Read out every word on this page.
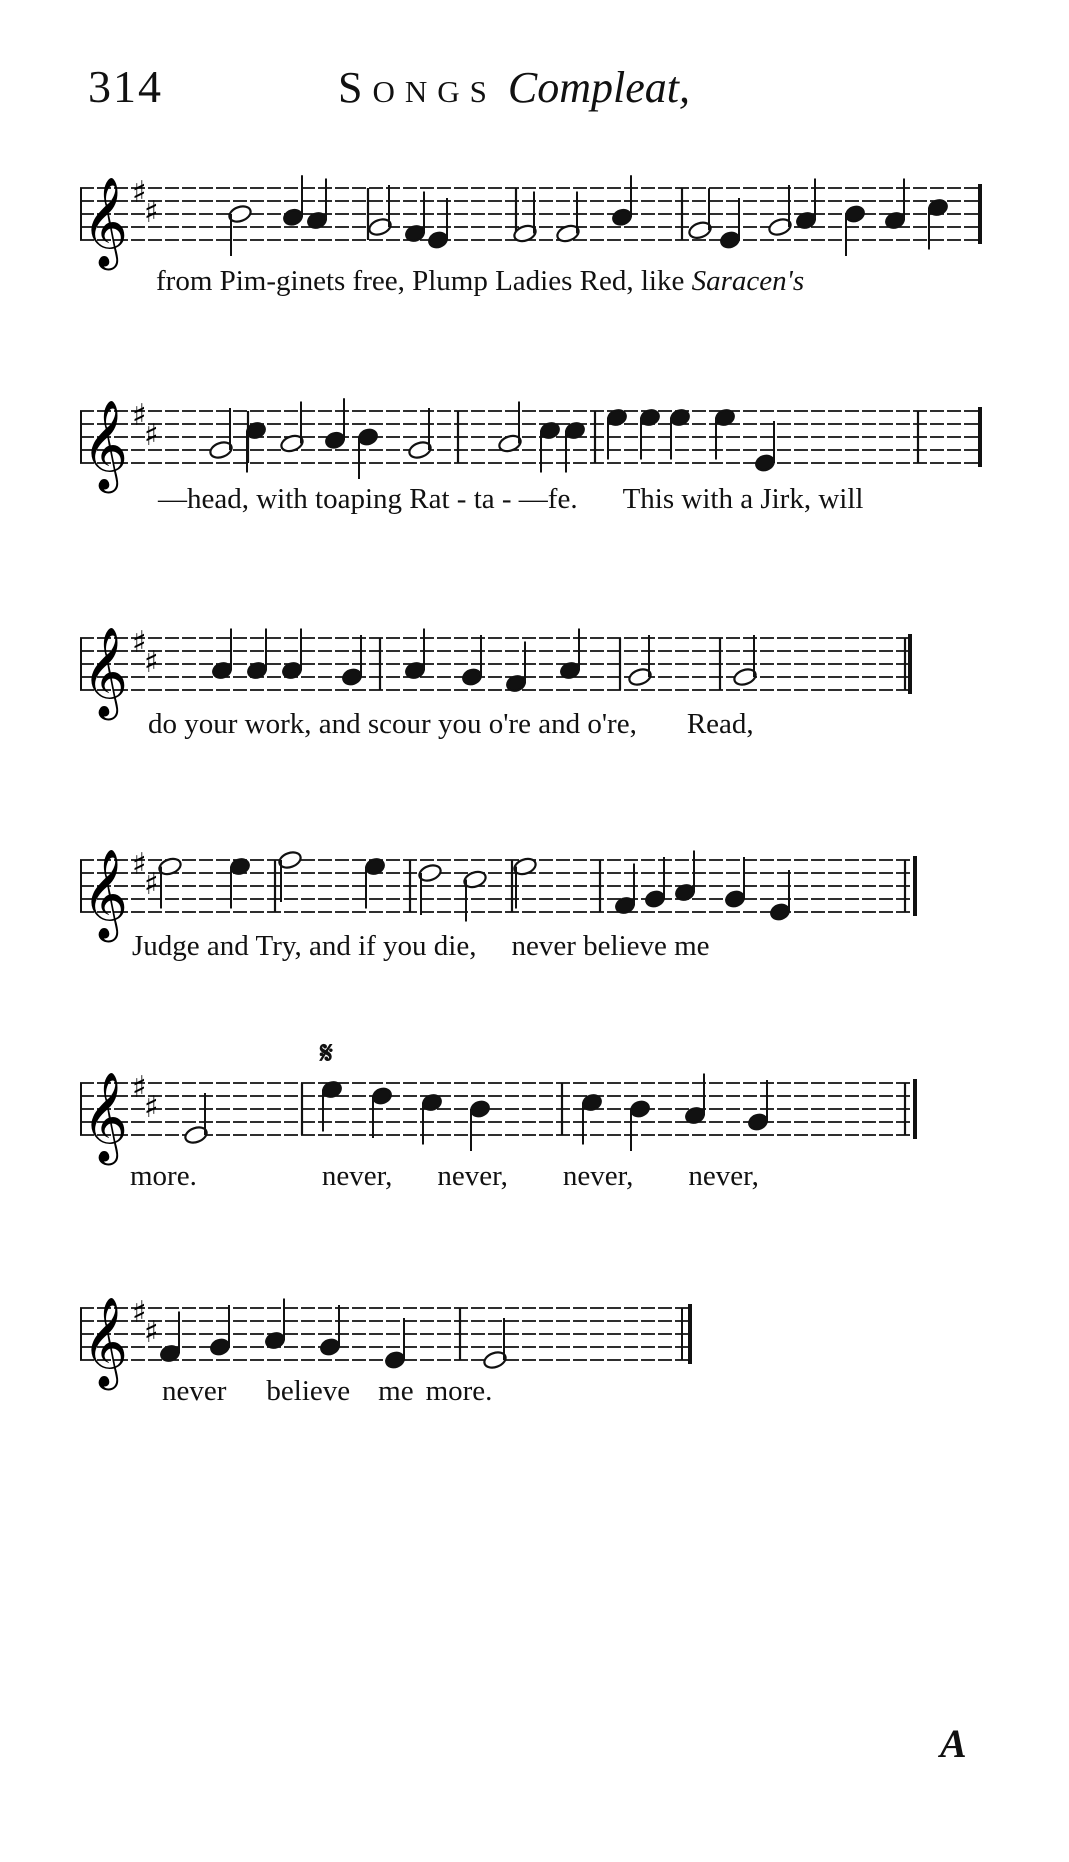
314	Songs Compleat,
𝄞 ♯
♯
from Pim-ginets free, Plump Ladies Red, like Saracen's
𝄞 ♯
♯
—head, with toaping Rat - ta - —fe. This with a Jirk, will
𝄞 ♯
♯
do your work, and scour you o're and o're, Read,
𝄞 ♯
♯
Judge and Try, and if you die, never believe me
𝄋
𝄞 ♯
♯
more.	never, never, never, never,
𝄞 ♯
♯
never believe me more.
A
